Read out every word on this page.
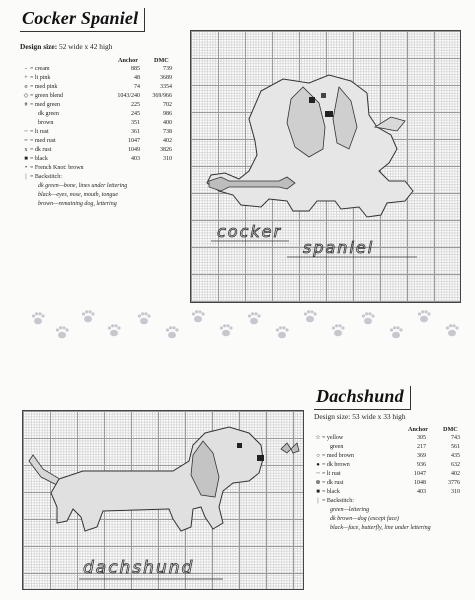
Cocker Spaniel
Design size: 52 wide x 42 high
Anchor	DMC
- = cream	885	739
+ = lt pink	48	3689
o = med pink	74	3354
◇ = green blend	1043/240	369/966
# = med green	225	702
dk green	245	986
brown	351	400
~ = lt rust	361	738
= = med rust	1047	402
x = dk rust	1049	3826
■ = black	403	310
• = French Knot: brown
| = Backstitch:
dk green—bone, lines under lettering
black—eyes, nose, mouth, tongue
brown—remaining dog, lettering
cocker
spaniel
dachshund
Dachshund
Design size: 53 wide x 33 high
Anchor DMC
☆= yellow	305	743
green	217	561
○ = med brown	369	435
● = dk brown	936	632
~ = lt rust	1047	402
⊗= dk rust	1048	3776
■ = black	403	310
| = Backstitch:
green—lettering
dk brown—dog (except face)
black—face, butterfly, line under lettering
